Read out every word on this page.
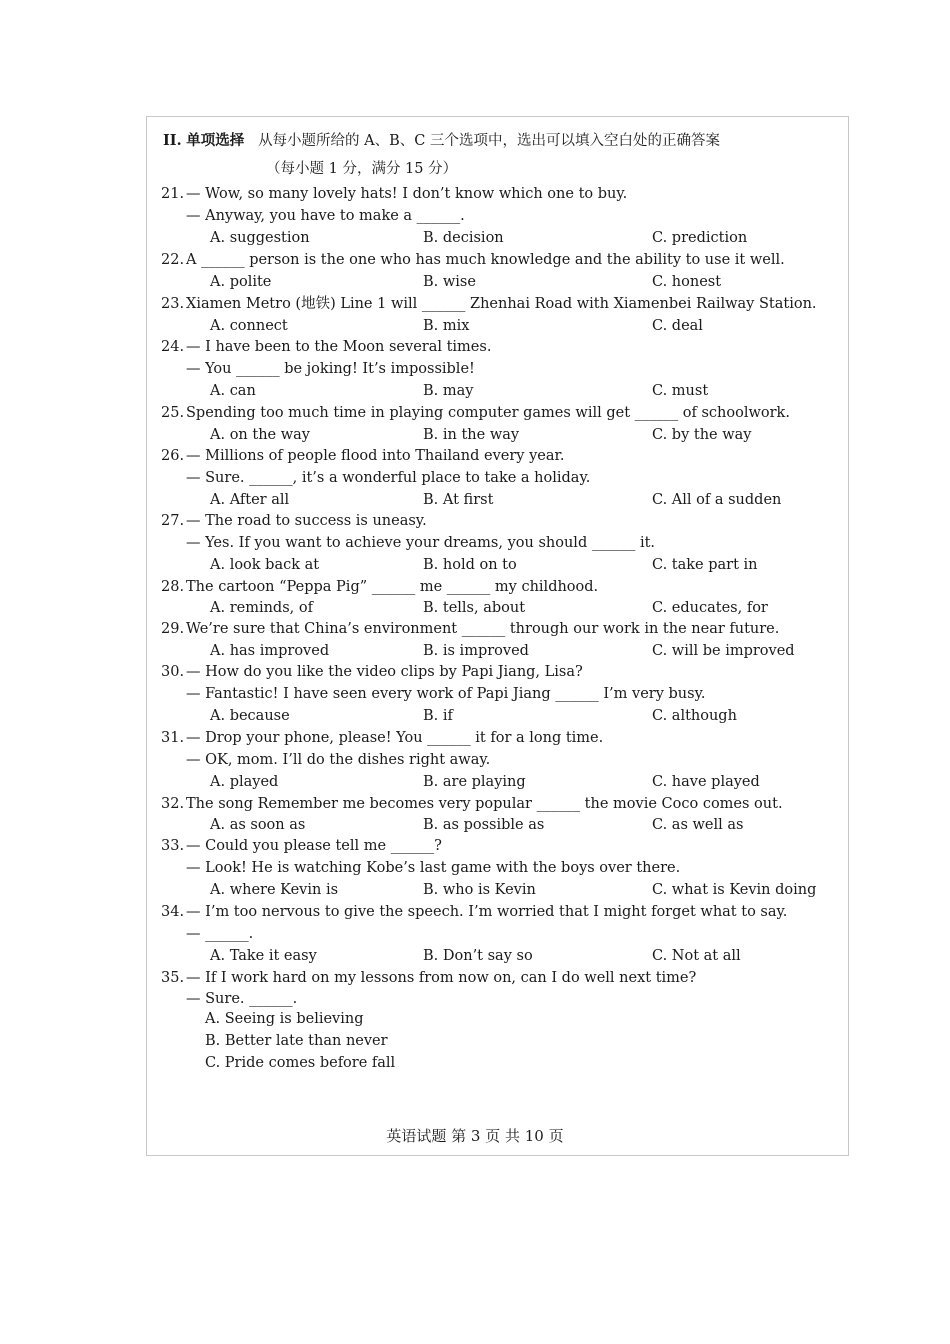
II. 单项选择 从每小题所给的 A、B、C 三个选项中，选出可以填入空白处的正确答案
（每小题 1 分，满分 15 分）
21. — Wow, so many lovely hats! I don’t know which one to buy.
— Anyway, you have to make a ______.
A. suggestion	B. decision	C. prediction
22. A ______ person is the one who has much knowledge and the ability to use it well.
A. polite	B. wise	C. honest
23. Xiamen Metro (地铁) Line 1 will ______ Zhenhai Road with Xiamenbei Railway Station.
A. connect	B. mix	C. deal
24. — I have been to the Moon several times.
— You ______ be joking! It’s impossible!
A. can	B. may	C. must
25. Spending too much time in playing computer games will get ______ of schoolwork.
A. on the way	B. in the way	C. by the way
26. — Millions of people flood into Thailand every year.
— Sure. ______, it’s a wonderful place to take a holiday.
A. After all	B. At first	C. All of a sudden
27. — The road to success is uneasy.
— Yes. If you want to achieve your dreams, you should ______ it.
A. look back at	B. hold on to	C. take part in
28. The cartoon “Peppa Pig” ______ me ______ my childhood.
A. reminds, of	B. tells, about	C. educates, for
29. We’re sure that China’s environment ______ through our work in the near future.
A. has improved	B. is improved	C. will be improved
30. — How do you like the video clips by Papi Jiang, Lisa?
— Fantastic! I have seen every work of Papi Jiang ______ I’m very busy.
A. because	B. if	C. although
31. — Drop your phone, please! You ______ it for a long time.
— OK, mom. I’ll do the dishes right away.
A. played	B. are playing	C. have played
32. The song Remember me becomes very popular ______ the movie Coco comes out.
A. as soon as	B. as possible as	C. as well as
33. — Could you please tell me ______?
— Look! He is watching Kobe’s last game with the boys over there.
A. where Kevin is	B. who is Kevin	C. what is Kevin doing
34. — I’m too nervous to give the speech. I’m worried that I might forget what to say.
— ______.
A. Take it easy	B. Don’t say so	C. Not at all
35. — If I work hard on my lessons from now on, can I do well next time?
— Sure. ______.
A. Seeing is believing
B. Better late than never
C. Pride comes before fall
英语试题 第 3 页 共 10 页
